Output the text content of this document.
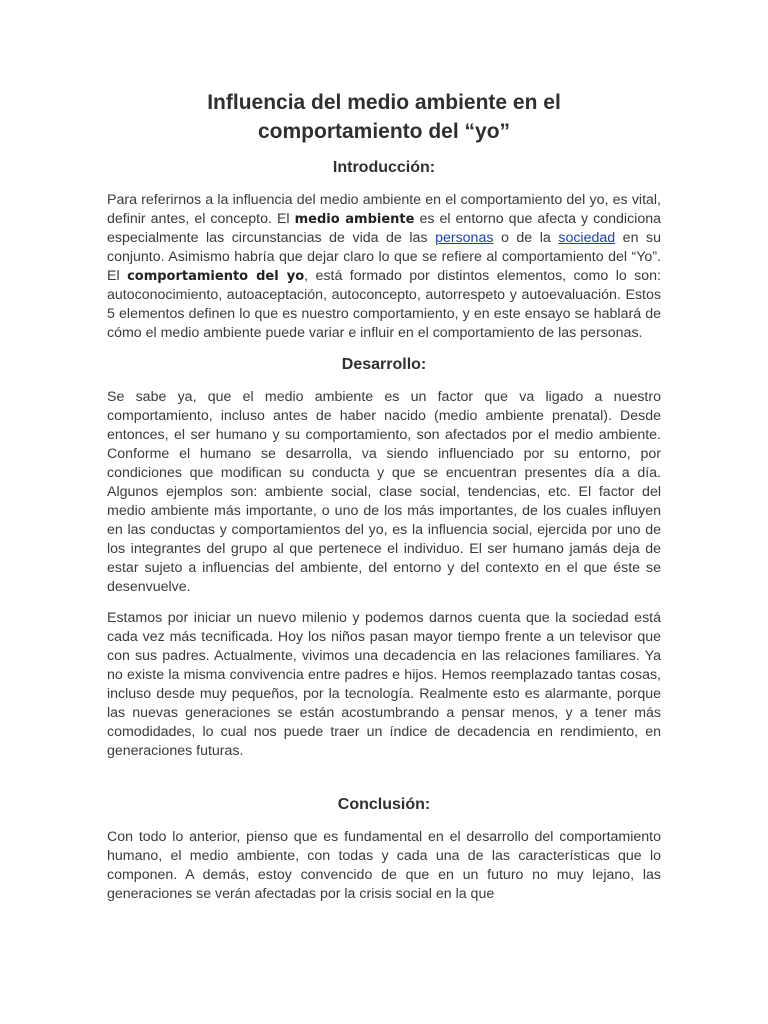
Influencia del medio ambiente en el
comportamiento del “yo”
Introducción:

Para referirnos a la influencia del medio ambiente en el comportamiento del yo, es vital, definir antes, el concepto. El medio ambiente es el entorno que afecta y condiciona especialmente las circunstancias de vida de las personas o de la sociedad en su conjunto. Asimismo habría que dejar claro lo que se refiere al comportamiento del “Yo”. El comportamiento del yo, está formado por distintos elementos, como lo son: autoconocimiento, autoaceptación, autoconcepto, autorrespeto y autoevaluación. Estos 5 elementos definen lo que es nuestro comportamiento, y en este ensayo se hablará de cómo el medio ambiente puede variar e influir en el comportamiento de las personas.

Desarrollo:

Se sabe ya, que el medio ambiente es un factor que va ligado a nuestro comportamiento, incluso antes de haber nacido (medio ambiente prenatal). Desde entonces, el ser humano y su comportamiento, son afectados por el medio ambiente. Conforme el humano se desarrolla, va siendo influenciado por su entorno, por condiciones que modifican su conducta y que se encuentran presentes día a día. Algunos ejemplos son: ambiente social, clase social, tendencias, etc. El factor del medio ambiente más importante, o uno de los más importantes, de los cuales influyen en las conductas y comportamientos del yo, es la influencia social, ejercida por uno de los integrantes del grupo al que pertenece el individuo. El ser humano jamás deja de estar sujeto a influencias del ambiente, del entorno y del contexto en el que éste se desenvuelve.

Estamos por iniciar un nuevo milenio y podemos darnos cuenta que la sociedad está cada vez más tecnificada. Hoy los niños pasan mayor tiempo frente a un televisor que con sus padres. Actualmente, vivimos una decadencia en las relaciones familiares. Ya no existe la misma convivencia entre padres e hijos. Hemos reemplazado tantas cosas, incluso desde muy pequeños, por la tecnología. Realmente esto es alarmante, porque las nuevas generaciones se están acostumbrando a pensar menos, y a tener más comodidades, lo cual nos puede traer un índice de decadencia en rendimiento, en generaciones futuras.

Conclusión:

Con todo lo anterior, pienso que es fundamental en el desarrollo del comportamiento humano, el medio ambiente, con todas y cada una de las características que lo componen. A demás, estoy convencido de que en un futuro no muy lejano, las generaciones se verán afectadas por la crisis social en la que
